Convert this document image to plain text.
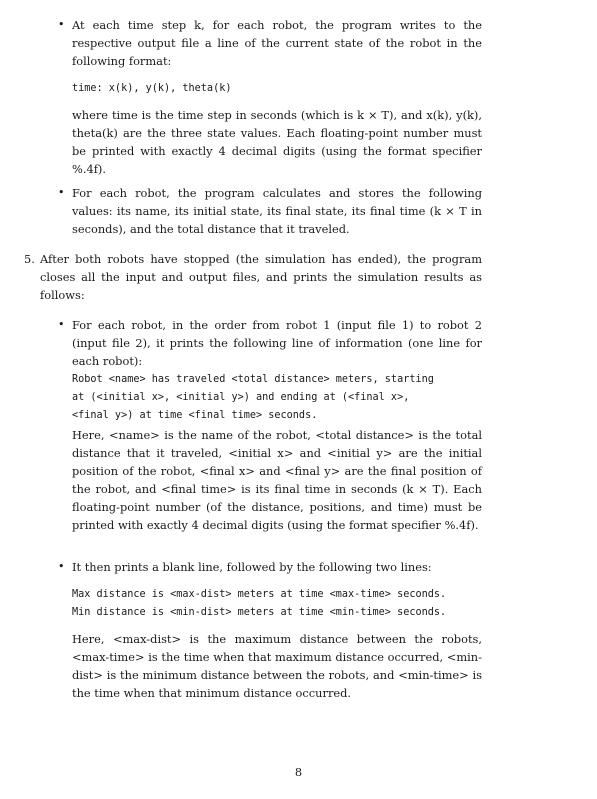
• At each time step k, for each robot, the program writes to the respective output file a line of the current state of the robot in the following format:

time: x(k), y(k), theta(k)

where time is the time step in seconds (which is k × T), and x(k), y(k), theta(k) are the three state values. Each floating-point number must be printed with exactly 4 decimal digits (using the format specifier %.4f).

• For each robot, the program calculates and stores the following values: its name, its initial state, its final state, its final time (k × T in seconds), and the total distance that it traveled.

5. After both robots have stopped (the simulation has ended), the program closes all the input and output files, and prints the simulation results as follows:

• For each robot, in the order from robot 1 (input file 1) to robot 2 (input file 2), it prints the following line of information (one line for each robot):

Robot <name> has traveled <total distance> meters, starting
at (<initial x>, <initial y>) and ending at (<final x>,
<final y>) at time <final time> seconds.

Here, <name> is the name of the robot, <total distance> is the total distance that it traveled, <initial x> and <initial y> are the initial position of the robot, <final x> and <final y> are the final position of the robot, and <final time> is its final time in seconds (k × T). Each floating-point number (of the distance, positions, and time) must be printed with exactly 4 decimal digits (using the format specifier %.4f).

• It then prints a blank line, followed by the following two lines:

Max distance is <max-dist> meters at time <max-time> seconds.
Min distance is <min-dist> meters at time <min-time> seconds.

Here, <max-dist> is the maximum distance between the robots, <max-time> is the time when that maximum distance occurred, <min-dist> is the minimum distance between the robots, and <min-time> is the time when that minimum distance occurred.

8
